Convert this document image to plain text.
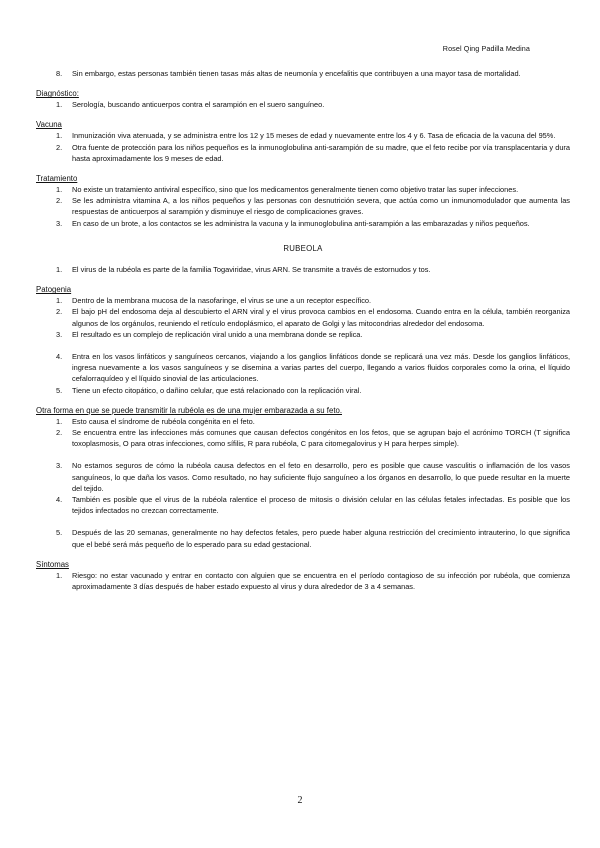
Rosel Qing Padilla Medina
8.	Sin embargo, estas personas también tienen tasas más altas de neumonía y encefalitis que contribuyen a una mayor tasa de mortalidad.
Diagnóstico:
1.	Serología, buscando anticuerpos contra el sarampión en el suero sanguíneo.
Vacuna
1.	Inmunización viva atenuada, y se administra entre los 12 y 15 meses de edad y nuevamente entre los 4 y 6. Tasa de eficacia de la vacuna del 95%.
2.	Otra fuente de protección para los niños pequeños es la inmunoglobulina anti-sarampión de su madre, que el feto recibe por vía transplacentaria y dura hasta aproximadamente los 9 meses de edad.
Tratamiento
1.	No existe un tratamiento antiviral específico, sino que los medicamentos generalmente tienen como objetivo tratar las super infecciones.
2.	Se les administra vitamina A, a los niños pequeños y las personas con desnutrición severa, que actúa como un inmunomodulador que aumenta las respuestas de anticuerpos al sarampión y disminuye el riesgo de complicaciones graves.
3.	En caso de un brote, a los contactos se les administra la vacuna y la inmunoglobulina anti-sarampión a las embarazadas y niños pequeños.
RUBEOLA
1.	El virus de la rubéola es parte de la familia Togaviridae, virus ARN. Se transmite a través de estornudos y tos.
Patogenia
1.	Dentro de la membrana mucosa de la nasofaringe, el virus se une a un receptor específico.
2.	El bajo pH del endosoma deja al descubierto el ARN viral y el virus provoca cambios en el endosoma. Cuando entra en la célula, también reorganiza algunos de los orgánulos, reuniendo el retículo endoplásmico, el aparato de Golgi y las mitocondrias alrededor del endosoma.
3.	El resultado es un complejo de replicación viral unido a una membrana donde se replica.
4.	Entra en los vasos linfáticos y sanguíneos cercanos, viajando a los ganglios linfáticos donde se replicará una vez más. Desde los ganglios linfáticos, ingresa nuevamente a los vasos sanguíneos y se disemina a varias partes del cuerpo, llegando a varios fluidos corporales como la orina, el líquido cefalorraquídeo y el líquido sinovial de las articulaciones.
5.	Tiene un efecto citopático, o dañino celular, que está relacionado con la replicación viral.
Otra forma en que se puede transmitir la rubéola es de una mujer embarazada a su feto.
1.	Esto causa el síndrome de rubéola congénita en el feto.
2.	Se encuentra entre las infecciones más comunes que causan defectos congénitos en los fetos, que se agrupan bajo el acrónimo TORCH (T significa toxoplasmosis, O para otras infecciones, como sífilis, R para rubéola, C para citomegalovirus y H para herpes simple).
3.	No estamos seguros de cómo la rubéola causa defectos en el feto en desarrollo, pero es posible que cause vasculitis o inflamación de los vasos sanguíneos, lo que daña los vasos. Como resultado, no hay suficiente flujo sanguíneo a los órganos en desarrollo, lo que puede resultar en la muerte del tejido.
4.	También es posible que el virus de la rubéola ralentice el proceso de mitosis o división celular en las células fetales infectadas. Es posible que los tejidos infectados no crezcan correctamente.
5.	Después de las 20 semanas, generalmente no hay defectos fetales, pero puede haber alguna restricción del crecimiento intrauterino, lo que significa que el bebé será más pequeño de lo esperado para su edad gestacional.
Síntomas
1.	Riesgo: no estar vacunado y entrar en contacto con alguien que se encuentra en el período contagioso de su infección por rubéola, que comienza aproximadamente 3 días después de haber estado expuesto al virus y dura alrededor de 3 a 4 semanas.
2
